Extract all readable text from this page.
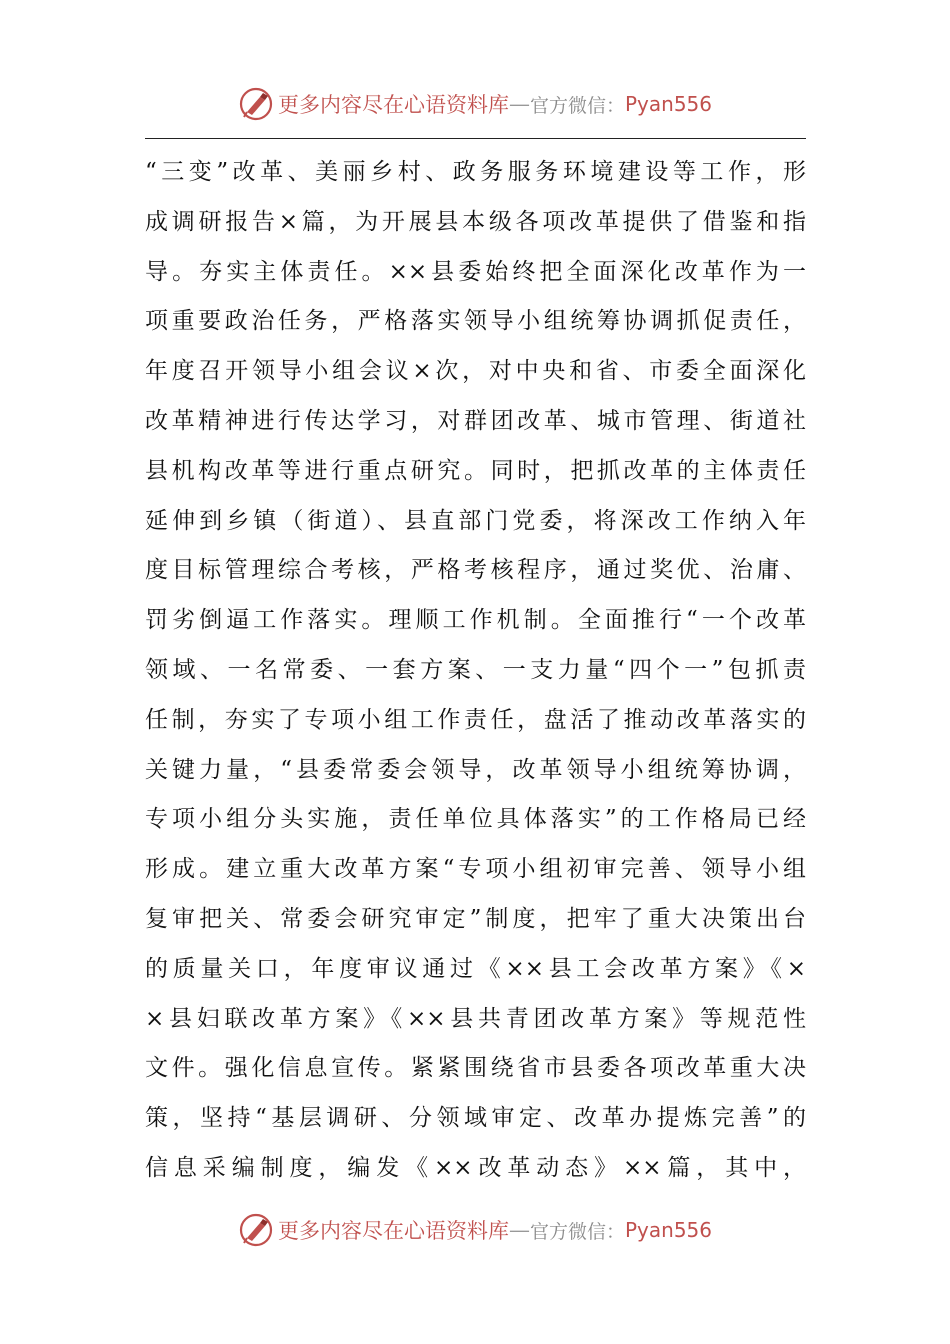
更多内容尽在心语资料库 — 官方微信： Pyan556
“三变”改革、美丽乡村、政务服务环境建设等工作，形
成调研报告×篇，为开展县本级各项改革提供了借鉴和指
导。夯实主体责任。××县委始终把全面深化改革作为一
项重要政治任务，严格落实领导小组统筹协调抓促责任，
年度召开领导小组会议×次，对中央和省、市委全面深化
改革精神进行传达学习，对群团改革、城市管理、街道社
县机构改革等进行重点研究。同时，把抓改革的主体责任
延伸到乡镇（街道）、县直部门党委，将深改工作纳入年
度目标管理综合考核，严格考核程序，通过奖优、治庸、
罚劣倒逼工作落实。理顺工作机制。全面推行“一个改革
领域、一名常委、一套方案、一支力量“四个一”包抓责
任制，夯实了专项小组工作责任，盘活了推动改革落实的
关键力量，“县委常委会领导，改革领导小组统筹协调，
专项小组分头实施，责任单位具体落实”的工作格局已经
形成。建立重大改革方案“专项小组初审完善、领导小组
复审把关、常委会研究审定”制度，把牢了重大决策出台
的质量关口，年度审议通过《××县工会改革方案》《×
×县妇联改革方案》《××县共青团改革方案》等规范性
文件。强化信息宣传。紧紧围绕省市县委各项改革重大决
策，坚持“基层调研、分领域审定、改革办提炼完善”的
信息采编制度，编发《××改革动态》××篇，其中，
更多内容尽在心语资料库 — 官方微信： Pyan556
